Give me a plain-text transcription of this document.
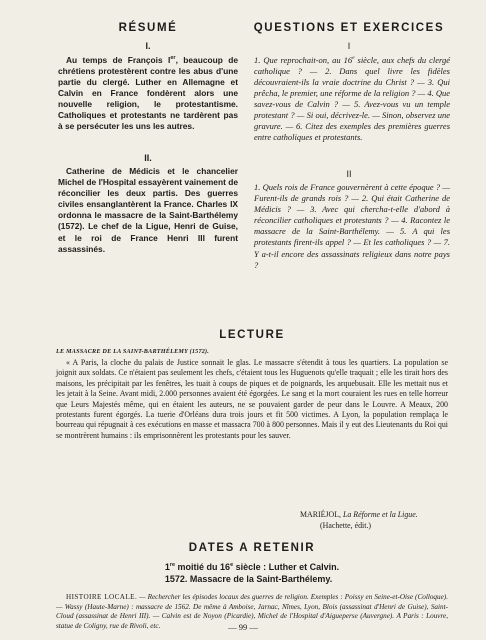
RÉSUMÉ

I.

Au temps de François Ier, beaucoup de chrétiens protestèrent contre les abus d'une partie du clergé. Luther en Allemagne et Calvin en France fondèrent alors une nouvelle religion, le protestantisme. Catholiques et protestants ne tardèrent pas à se persécuter les uns les autres.

II.

Catherine de Médicis et le chancelier Michel de l'Hospital essayèrent vainement de réconcilier les deux partis. Des guerres civiles ensanglantèrent la France. Charles IX ordonna le massacre de la Saint-Barthélemy (1572). Le chef de la Ligue, Henri de Guise, et le roi de France Henri III furent assassinés.

QUESTIONS ET EXERCICES

I

1. Que reprochait-on, au 16e siècle, aux chefs du clergé catholique ? — 2. Dans quel livre les fidèles découvraient-ils la vraie doctrine du Christ ? — 3. Qui prêcha, le premier, une réforme de la religion ? — 4. Que savez-vous de Calvin ? — 5. Avez-vous vu un temple protestant ? — Si oui, décrivez-le. — Sinon, observez une gravure. — 6. Citez des exemples des premières guerres entre catholiques et protestants.

II

1. Quels rois de France gouvernèrent à cette époque ? — Furent-ils de grands rois ? — 2. Qui était Catherine de Médicis ? — 3. Avec qui chercha-t-elle d'abord à réconcilier catholiques et protestants ? — 4. Racontez le massacre de la Saint-Barthélemy. — 5. A qui les protestants firent-ils appel ? — Et les catholiques ? — 7. Y a-t-il encore des assassinats religieux dans notre pays ?

LECTURE

LE MASSACRE DE LA SAINT-BARTHÉLEMY (1572).

« A Paris, la cloche du palais de Justice sonnait le glas. Le massacre s'étendit à tous les quartiers. La population se joignit aux soldats. Ce n'étaient pas seulement les chefs, c'étaient tous les Huguenots qu'elle traquait ; elle les tirait hors des maisons, les précipitait par les fenêtres, les tuait à coups de piques et de poignards, les arquebusait. Elle les mettait nus et les jetait à la Seine. Avant midi, 2.000 personnes avaient été égorgées. Le sang et la mort couraient les rues en telle horreur que Leurs Majestés même, qui en étaient les auteurs, ne se pouvaient garder de peur dans le Louvre. A Meaux, 200 protestants furent égorgés. La tuerie d'Orléans dura trois jours et fit 500 victimes. A Lyon, la population remplaça le bourreau qui répugnait à ces exécutions en masse et massacra 700 à 800 personnes. Mais il y eut des Lieutenants du Roi qui se montrèrent humains : ils emprisonnèrent les protestants pour les sauver.

MARIÉJOL, La Réforme et la Ligue.

(Hachette, édit.)

DATES A RETENIR

1re moitié du 16e siècle : Luther et Calvin.
1572. Massacre de la Saint-Barthélemy.

HISTOIRE LOCALE. — Rechercher les épisodes locaux des guerres de religion. Exemples : Poissy en Seine-et-Oise (Colloque). — Wassy (Haute-Marne) : massacre de 1562. De même à Amboise, Jarnac, Nîmes, Lyon, Blois (assassinat d'Henri de Guise), Saint-Cloud (assassinat de Henri III). — Calvin est de Noyon (Picardie), Michel de l'Hospital d'Aigueperse (Auvergne). A Paris : Louvre, statue de Coligny, rue de Rivoli, etc.	— 99 —
